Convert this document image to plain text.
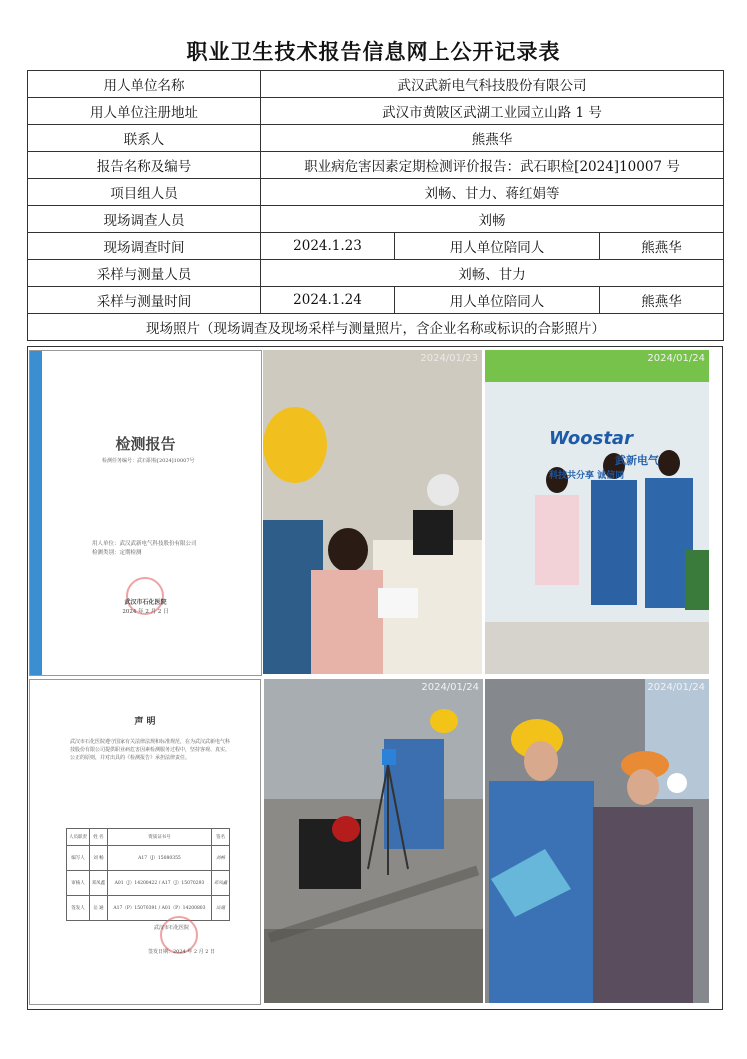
职业卫生技术报告信息网上公开记录表
用人单位名称	武汉武新电气科技股份有限公司		
用人单位注册地址	武汉市黄陂区武湖工业园立山路 1 号		
联系人	熊燕华		
报告名称及编号	职业病危害因素定期检测评价报告：武石职检[2024]10007 号		
项目组人员	刘畅、甘力、蒋红娟等		
现场调查人员	刘畅		
现场调查时间	2024.1.23	用人单位陪同人	熊燕华
采样与测量人员	刘畅、甘力		
采样与测量时间	2024.1.24	用人单位陪同人	熊燕华
现场照片（现场调查及现场采样与测量照片，含企业名称或标识的合影照片）			
检测报告
检测任务编号：武石职检[2024]10007号
用人单位：武汉武新电气科技股份有限公司
检测类别：定期检测
武汉市石化医院
2024 年 2 月 2 日
2024/01/23
Woostar
武新电气
科技共分享 诚信同
2024/01/24
声 明
武汉市石化医院遵守国家有关法律法规和标准规范，在为武汉武新电气科技股份有限公司提供职业病危害因素检测服务过程中，坚持客观、真实、公正的原则，并对出具的《检测报告》承担法律责任。
人员职责	姓 名	资质证书号	签名
编写人	刘 畅	A17（J）15080355	刘畅
审核人	邓凤鑫	A01（J）14200422 / A17（J）15070293	邓凤鑫
签发人	岳 通	A17（P）15070391 / A01（P）14200803	岳通
武汉市石化医院
签发日期：2024 年 2 月 2 日
2024/01/24	2024/01/24
